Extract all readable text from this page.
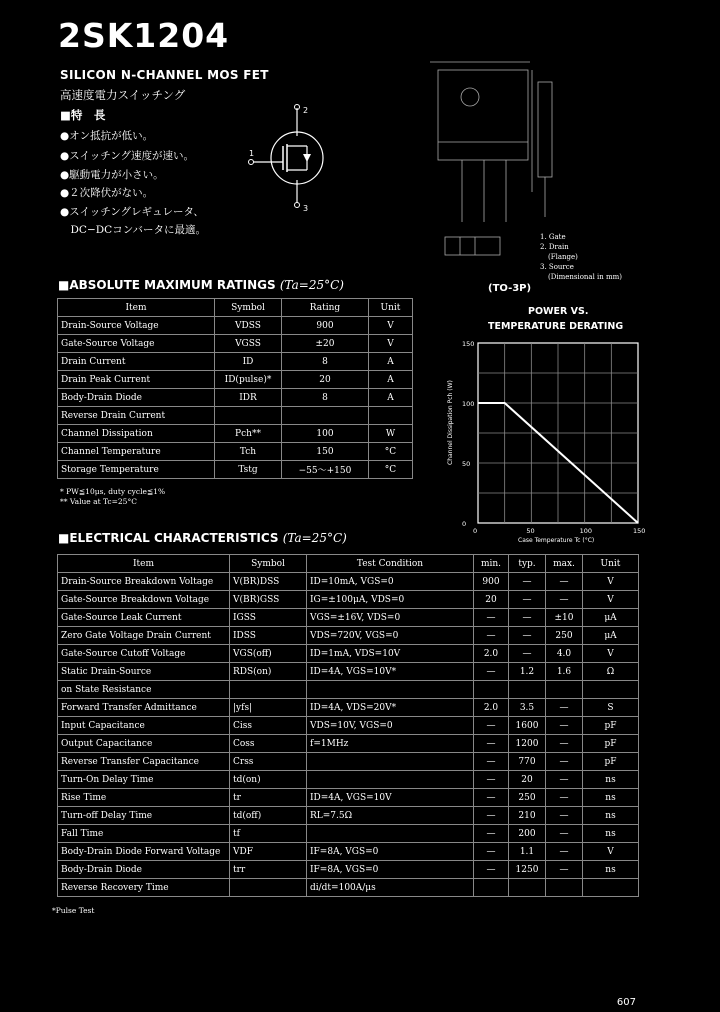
2SK1204
SILICON N-CHANNEL MOS FET
高速度電力スイッチング
■特　長
●オン抵抗が低い。
●スイッチング速度が速い。
●駆動電力が小さい。
●２次降伏がない。
●スイッチングレギュレータ、
　DC−DCコンバータに最適。
2
3
1
1. Gate
2. Drain
(Flange)
3. Source
(Dimensional in mm)
(TO-3P)
■ABSOLUTE MAXIMUM RATINGS (Ta=25°C)
Item	Symbol	Rating	Unit
Drain-Source Voltage	VDSS	900	V
Gate-Source Voltage	VGSS	±20	V
Drain Current	ID	8	A
Drain Peak Current	ID(pulse)*	20	A
Body-Drain Diode	IDR	8	A
Reverse Drain Current			
Channel Dissipation	Pch**	100	W
Channel Temperature	Tch	150	°C
Storage Temperature	Tstg	−55～+150	°C
* PW≦10μs, duty cycle≦1%
** Value at Tc=25°C
POWER VS.
TEMPERATURE DERATING
Channel Dissipation Pch (W)
Case Temperature Tc (°C)
0	50	100	150
0
50
100
150
■ELECTRICAL CHARACTERISTICS (Ta=25°C)
Item	Symbol	Test Condition	min.	typ.	max.	Unit
Drain-Source Breakdown Voltage	V(BR)DSS	ID=10mA, VGS=0	900	—	—	V
Gate-Source Breakdown Voltage	V(BR)GSS	IG=±100μA, VDS=0	20	—	—	V
Gate-Source Leak Current	IGSS	VGS=±16V, VDS=0	—	—	±10	μA
Zero Gate Voltage Drain Current	IDSS	VDS=720V, VGS=0	—	—	250	μA
Gate-Source Cutoff Voltage	VGS(off)	ID=1mA, VDS=10V	2.0	—	4.0	V
Static Drain-Source	RDS(on)	ID=4A, VGS=10V*	—	1.2	1.6	Ω
on State Resistance						
Forward Transfer Admittance	|yfs|	ID=4A, VDS=20V*	2.0	3.5	—	S
Input Capacitance	Ciss	VDS=10V, VGS=0	—	1600	—	pF
Output Capacitance	Coss	f=1MHz	—	1200	—	pF
Reverse Transfer Capacitance	Crss		—	770	—	pF
Turn-On Delay Time	td(on)		—	20	—	ns
Rise Time	tr	ID=4A, VGS=10V	—	250	—	ns
Turn-off Delay Time	td(off)	RL=7.5Ω	—	210	—	ns
Fall Time	tf		—	200	—	ns
Body-Drain Diode Forward Voltage	VDF	IF=8A, VGS=0	—	1.1	—	V
Body-Drain Diode	trr	IF=8A, VGS=0	—	1250	—	ns
Reverse Recovery Time		di/dt=100A/μs				
*Pulse Test
607
